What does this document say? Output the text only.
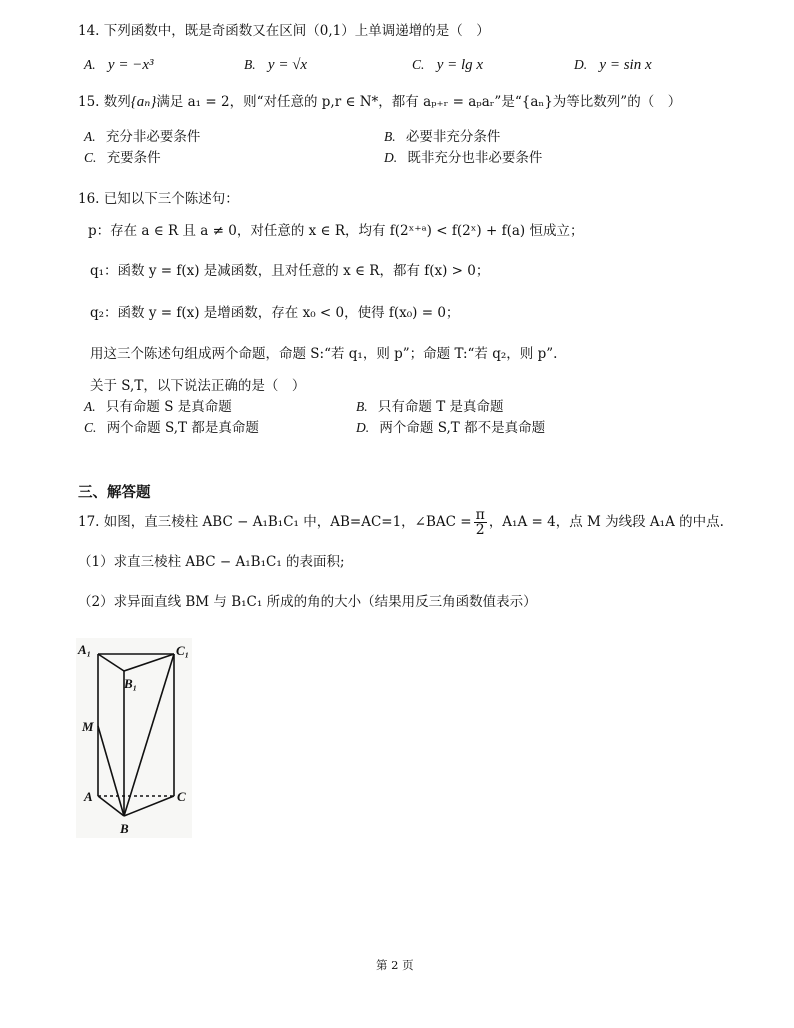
14. 下列函数中，既是奇函数又在区间（0,1）上单调递增的是（　）
A. y = −x³	B. y = √x	C. y = lg x	D. y = sin x
15. 数列{aₙ}满足 a₁ = 2，则“对任意的 p,r ∈ N*，都有 aₚ₊ᵣ = aₚaᵣ”是“{aₙ}为等比数列”的（　）
A. 充分非必要条件	B. 必要非充分条件
C. 充要条件	D. 既非充分也非必要条件
16. 已知以下三个陈述句：
p：存在 a ∈ R 且 a ≠ 0，对任意的 x ∈ R，均有 f(2ˣ⁺ᵃ) < f(2ˣ) + f(a) 恒成立；
q₁：函数 y = f(x) 是减函数，且对任意的 x ∈ R，都有 f(x) > 0；
q₂：函数 y = f(x) 是增函数，存在 x₀ < 0，使得 f(x₀) = 0；
用这三个陈述句组成两个命题，命题 S:“若 q₁，则 p”；命题 T:“若 q₂，则 p”.
关于 S,T，以下说法正确的是（　）
A. 只有命题 S 是真命题	B. 只有命题 T 是真命题
C. 两个命题 S,T 都是真命题	D. 两个命题 S,T 都不是真命题
三、解答题
17. 如图，直三棱柱 ABC − A₁B₁C₁ 中，AB=AC=1，∠BAC = $\frac{\pi}{2}$ ，A₁A = 4，点 M 为线段 A₁A 的中点.
（1）求直三棱柱 ABC − A₁B₁C₁ 的表面积;
（2）求异面直线 BM 与 B₁C₁ 所成的角的大小（结果用反三角函数值表示）
A₁	C₁
B₁
M
A	C
B
第 2 页
